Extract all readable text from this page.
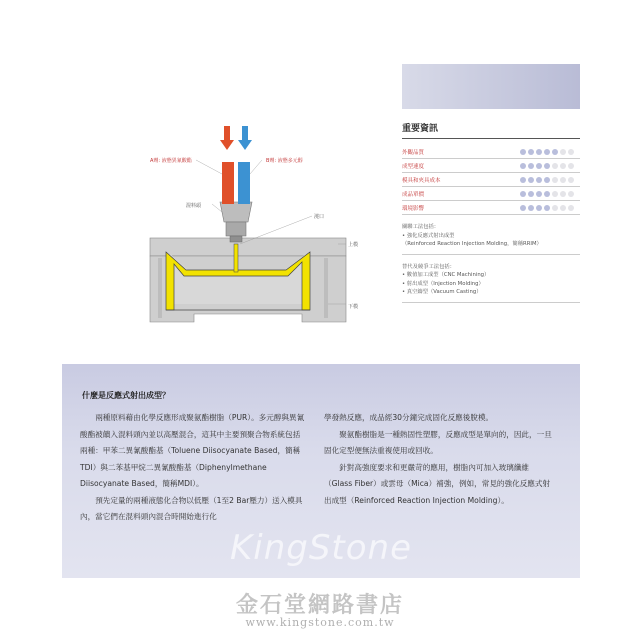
A劑: 液態異氰酸酯	B劑: 液態多元醇
混料頭
澆口
上模
下模
重要資訊
外觀品質
成型速度
模具和夾具成本
成品單價
環境影響
關聯工法包括：
• 強化反應式射出成型
（Reinforced Reaction Injection Molding，簡稱RRIM）
替代及競爭工法包括：
• 數值加工成型（CNC Machining）
• 射出成型（Injection Molding）
• 真空鑄型（Vacuum Casting）
什麼是反應式射出成型？

兩種原料藉由化學反應形成聚氨酯樹脂（PUR）。多元醇與異氰酸酯被饋入混料頭內並以高壓混合，這其中主要預聚合物系統包括兩種：甲苯二異氰酸酯基（Toluene Diisocyanate Based，簡稱TDI）與二苯基甲烷二異氰酸酯基（Diphenylmethane Diisocyanate Based，簡稱MDI）。

預先定量的兩種液態化合物以低壓（1至2 Bar壓力）送入模具內，當它們在混料頭內混合時開始進行化

學發熱反應，成品經30分鐘完成固化反應後脫模。

聚氨酯樹脂是一種熱固性塑膠，反應成型是單向的，因此，一旦固化定型便無法重複使用或回收。

針對高強度要求和更嚴苛的應用，樹脂內可加入玻璃纖維（Glass Fiber）或雲母（Mica）補強，例如，常見的強化反應式射出成型（Reinforced Reaction Injection Molding）。

KingStone
金石堂網路書店
www.kingstone.com.tw
